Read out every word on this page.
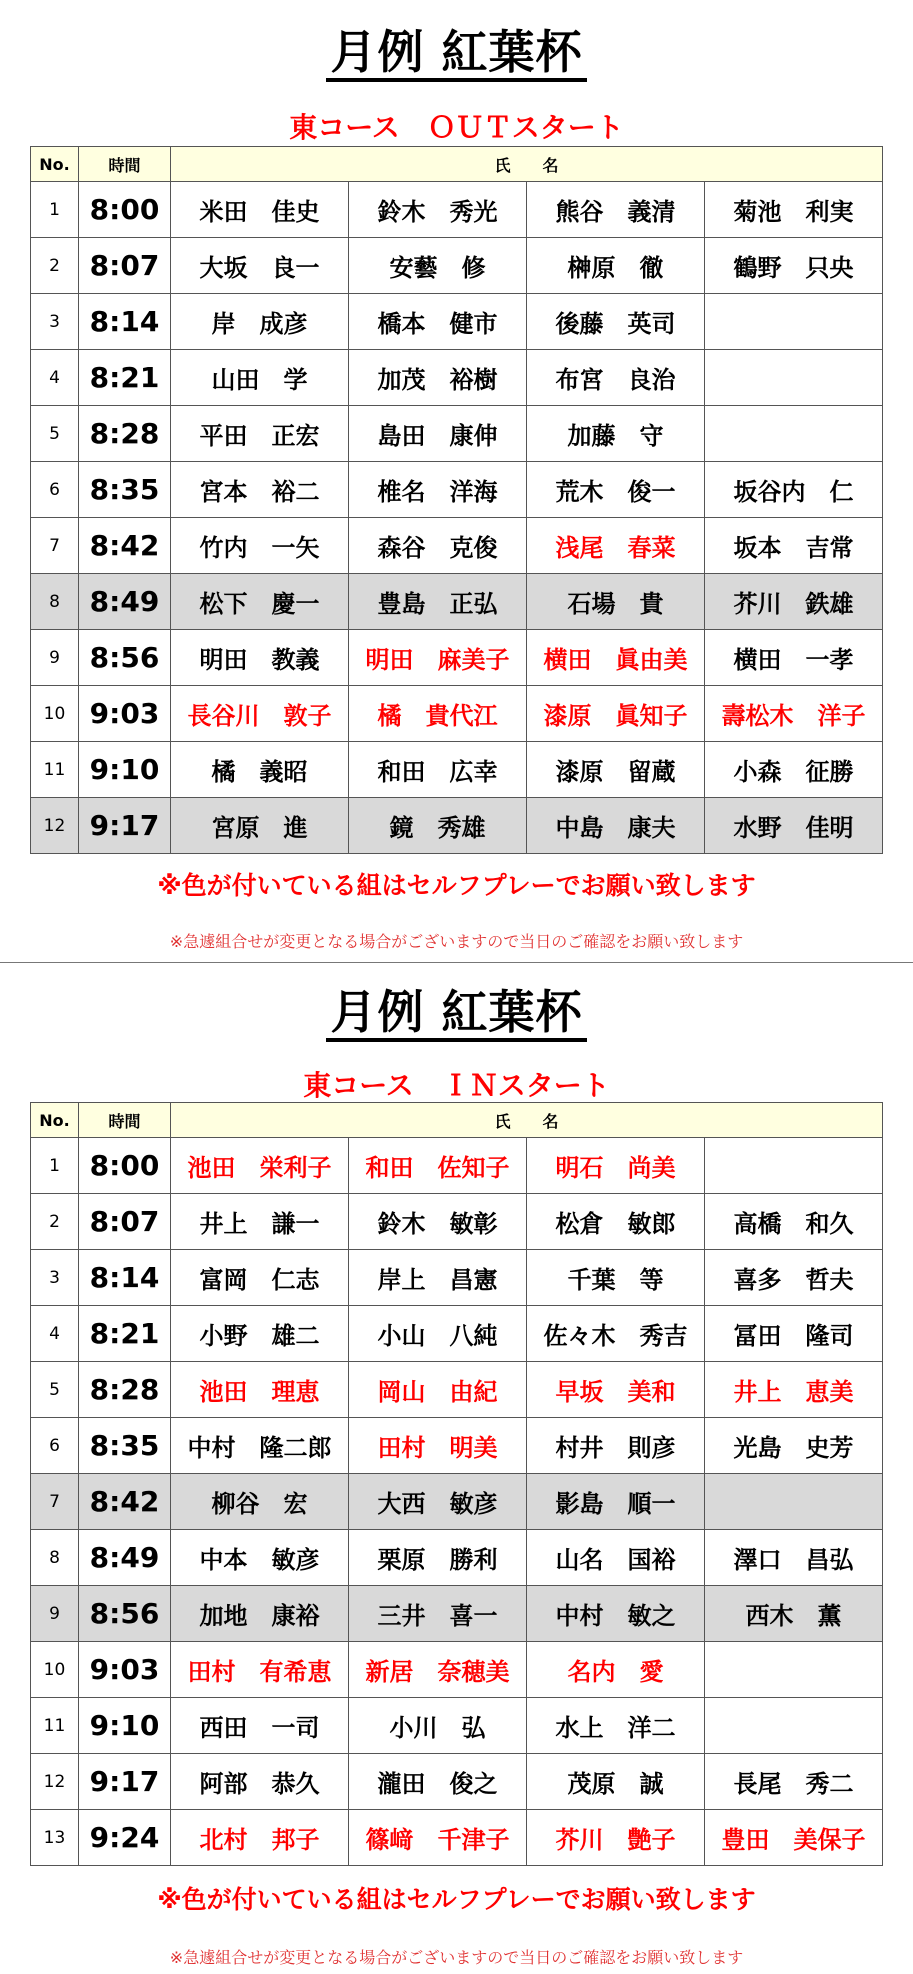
月例 紅葉杯
東コース　ＯＵＴスタート
No.	時間	氏　　名			
1	8:00	米田　佳史	鈴木　秀光	熊谷　義清	菊池　利実
2	8:07	大坂　良一	安藝　修	榊原　徹	鶴野　只央
3	8:14	岸　成彦	橋本　健市	後藤　英司	
4	8:21	山田　学	加茂　裕樹	布宮　良治	
5	8:28	平田　正宏	島田　康伸	加藤　守	
6	8:35	宮本　裕二	椎名　洋海	荒木　俊一	坂谷内　仁
7	8:42	竹内　一矢	森谷　克俊	浅尾　春菜	坂本　吉常
8	8:49	松下　慶一	豊島　正弘	石場　貴	芥川　鉄雄
9	8:56	明田　教義	明田　麻美子	横田　眞由美	横田　一孝
10	9:03	長谷川　敦子	橘　貴代江	漆原　眞知子	壽松木　洋子
11	9:10	橘　義昭	和田　広幸	漆原　留蔵	小森　征勝
12	9:17	宮原　進	鏡　秀雄	中島　康夫	水野　佳明
※色が付いている組はセルフプレーでお願い致します
※急遽組合せが変更となる場合がございますので当日のご確認をお願い致します
月例 紅葉杯
東コース　ＩＮスタート
No.	時間	氏　　名			
1	8:00	池田　栄利子	和田　佐知子	明石　尚美	
2	8:07	井上　謙一	鈴木　敏彰	松倉　敏郎	高橋　和久
3	8:14	富岡　仁志	岸上　昌憲	千葉　等	喜多　哲夫
4	8:21	小野　雄二	小山　八純	佐々木　秀吉	冨田　隆司
5	8:28	池田　理恵	岡山　由紀	早坂　美和	井上　恵美
6	8:35	中村　隆二郎	田村　明美	村井　則彦	光島　史芳
7	8:42	柳谷　宏	大西　敏彦	影島　順一	
8	8:49	中本　敏彦	栗原　勝利	山名　国裕	澤口　昌弘
9	8:56	加地　康裕	三井　喜一	中村　敏之	西木　薫
10	9:03	田村　有希恵	新居　奈穂美	名内　愛	
11	9:10	西田　一司	小川　弘	水上　洋二	
12	9:17	阿部　恭久	瀧田　俊之	茂原　誠	長尾　秀二
13	9:24	北村　邦子	篠﨑　千津子	芥川　艶子	豊田　美保子
※色が付いている組はセルフプレーでお願い致します
※急遽組合せが変更となる場合がございますので当日のご確認をお願い致します
